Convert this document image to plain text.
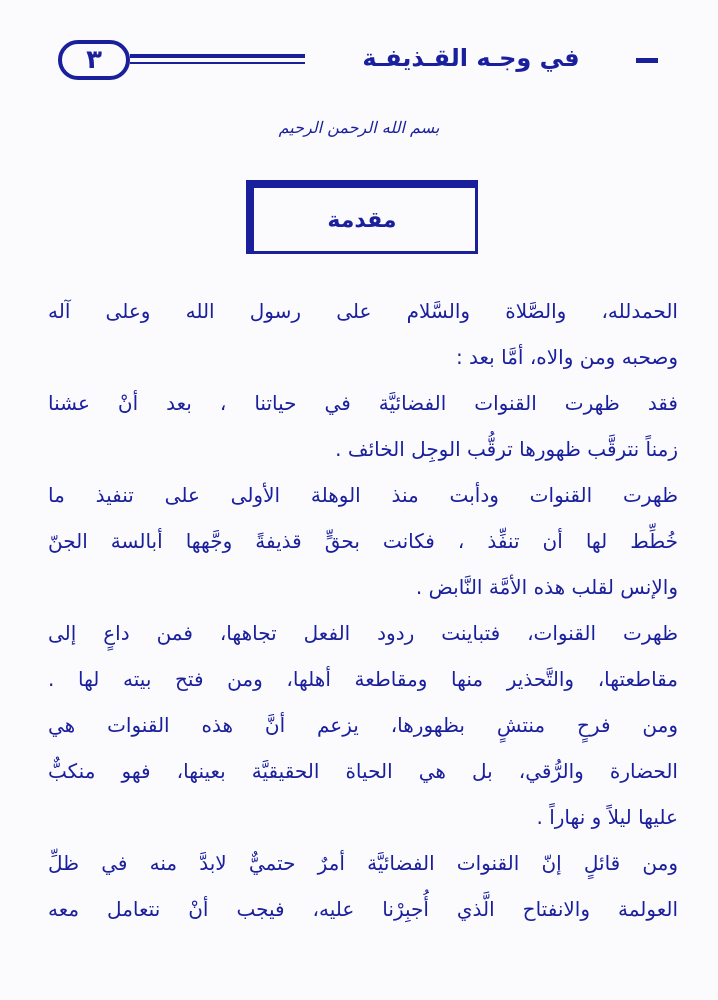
٣	في وجـه القـذيفـة
بسم الله الرحمن الرحيم
مقدمة
الحمدلله، والصَّلاة والسَّلام على رسول الله وعلى آله
وصحبه ومن والاه، أمَّا بعد :
فقد ظهرت القنوات الفضائيَّة في حياتنا ، بعد أنْ عشنا
زمناً نترقَّب ظهورها ترقُّب الوجِل الخائف .
ظهرت القنوات ودأبت منذ الوهلة الأولى على تنفيذ ما
خُطِّط لها أن تنفِّذ ، فكانت بحقٍّ قذيفةً وجَّهها أبالسة الجنّ
والإنس لقلب هذه الأمَّة النَّابض .
ظهرت القنوات، فتباينت ردود الفعل تجاهها، فمن داعٍ إلى
مقاطعتها، والتَّحذير منها ومقاطعة أهلها، ومن فتح بيته لها .
ومن فرحٍ منتشٍ بظهورها، يزعم أنَّ هذه القنوات هي
الحضارة والرُّقي، بل هي الحياة الحقيقيَّة بعينها، فهو منكبٌّ
عليها ليلاً و نهاراً .
ومن قائلٍ إنّ القنوات الفضائيَّة أمرٌ حتميٌّ لابدَّ منه في ظلِّ
العولمة والانفتاح الَّذي أُجبِرْنا عليه، فيجب أنْ نتعامل معه
